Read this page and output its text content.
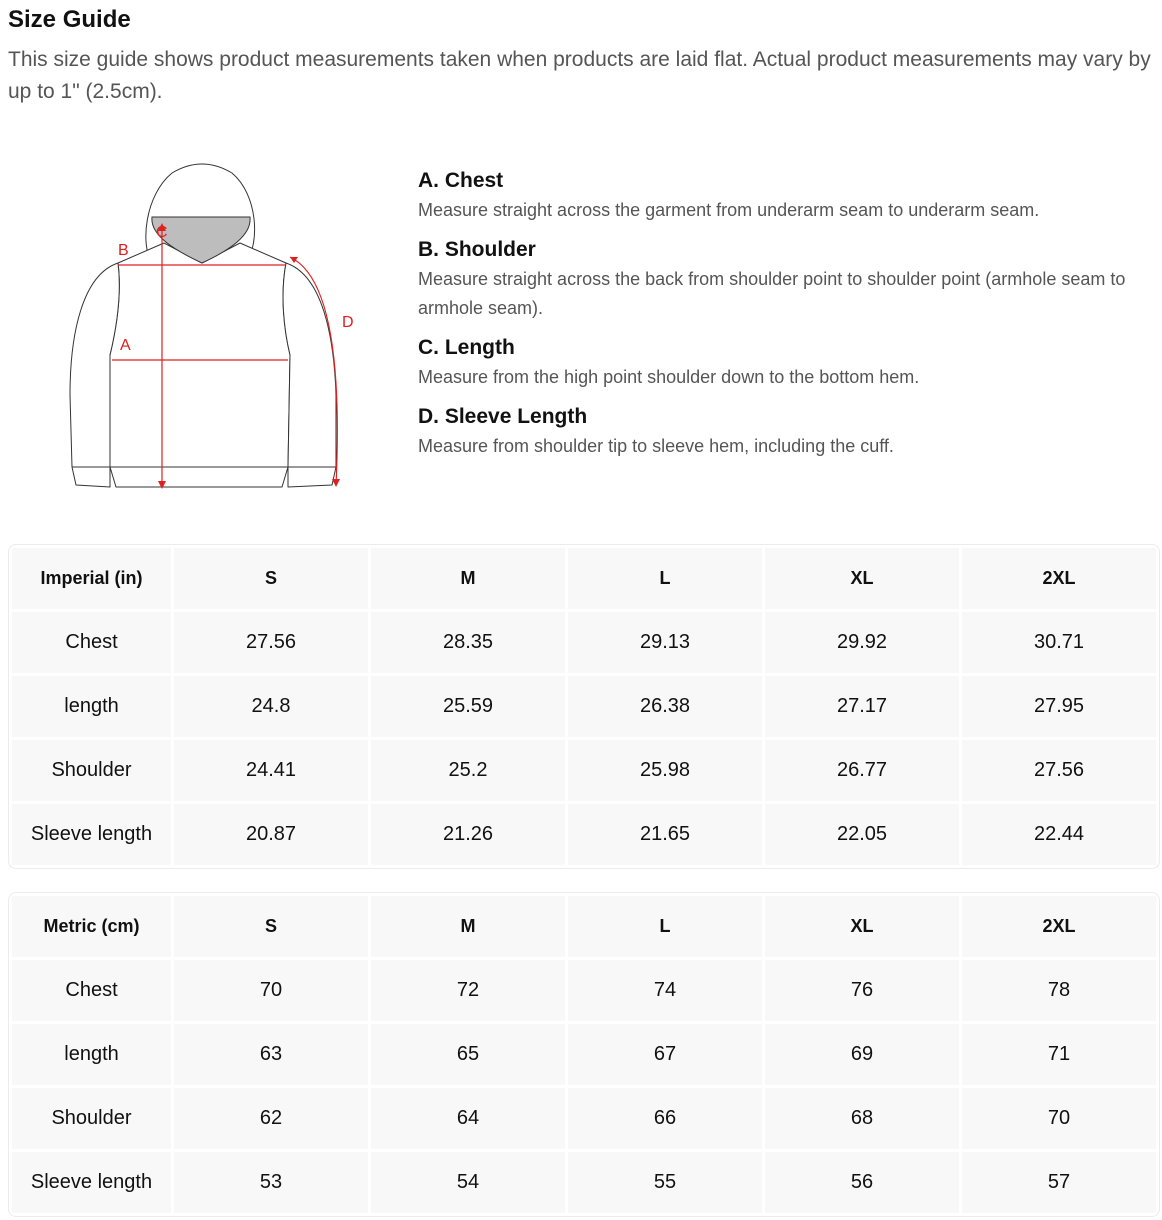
Size Guide
This size guide shows product measurements taken when products are laid flat. Actual product measurements may vary by up to 1" (2.5cm).
B
C
A
D
A. Chest

Measure straight across the garment from underarm seam to underarm seam.

B. Shoulder

Measure straight across the back from shoulder point to shoulder point (armhole seam to armhole seam).

C. Length

Measure from the high point shoulder down to the bottom hem.

D. Sleeve Length

Measure from shoulder tip to sleeve hem, including the cuff.

Imperial (in)	S	M	L	XL	2XL
Chest	27.56	28.35	29.13	29.92	30.71
length	24.8	25.59	26.38	27.17	27.95
Shoulder	24.41	25.2	25.98	26.77	27.56
Sleeve length	20.87	21.26	21.65	22.05	22.44
Metric (cm)	S	M	L	XL	2XL
Chest	70	72	74	76	78
length	63	65	67	69	71
Shoulder	62	64	66	68	70
Sleeve length	53	54	55	56	57
